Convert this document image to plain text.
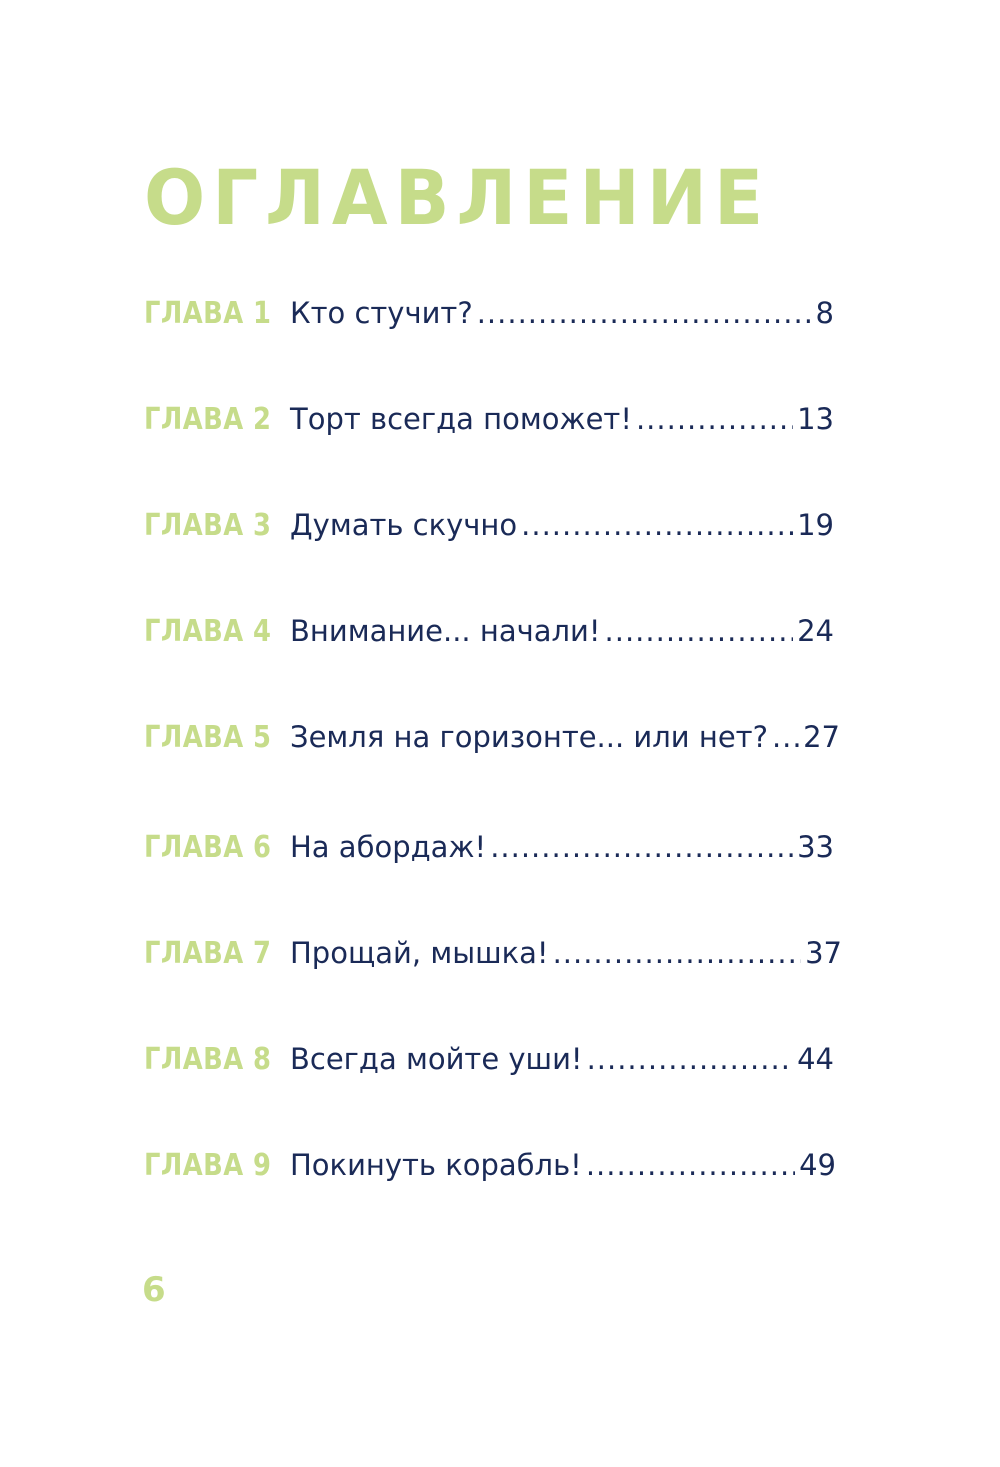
ОГЛАВЛЕНИЕ
ГЛАВА 1 Кто стучит? .....	8
ГЛАВА 2 Торт всегда поможет! .....	13
ГЛАВА 3 Думать скучно .....	19
ГЛАВА 4 Внимание... начали! .....	24
ГЛАВА 5 Земля на горизонте... или нет? ..... 27
ГЛАВА 6 На абордаж! .....	33
ГЛАВА 7 Прощай, мышка! .....	37
ГЛАВА 8 Всегда мойте уши! .....	44
ГЛАВА 9 Покинуть корабль! .....	49
6
